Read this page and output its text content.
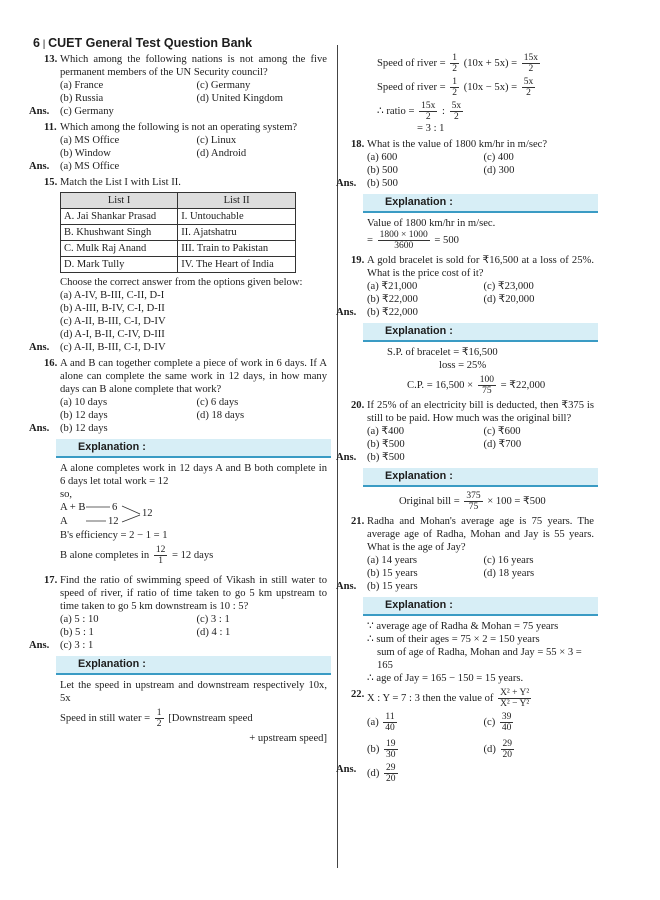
6 | CUET General Test Question Bank
13. Which among the following nations is not among the five permanent members of the UN Security council?
(a) France	(c) Germany
(b) Russia	(d) United Kingdom
Ans. (c) Germany
11. Which among the following is not an operating system?
(a) MS Office	(c) Linux
(b) Window	(d) Android
Ans. (a) MS Office
15. Match the List I with List II.
List I	List II
A. Jai Shankar Prasad	I. Untouchable
B. Khushwant Singh	II. Ajatshatru
C. Mulk Raj Anand	III. Train to Pakistan
D. Mark Tully	IV. The Heart of India
Choose the correct answer from the options given below:
(a) A-IV, B-III, C-II, D-I
(b) A-III, B-IV, C-I, D-II
(c) A-II, B-III, C-I, D-IV
(d) A-I, B-II, C-IV, D-III
Ans. (c) A-II, B-III, C-I, D-IV
16. A and B can together complete a piece of work in 6 days. If A alone can complete the same work in 12 days, in how many days can B alone complete that work?
(a) 10 days	(c) 6 days
(b) 12 days	(d) 18 days
Ans. (b) 12 days
Explanation :
A alone completes work in 12 days A and B both complete in 6 days let total work = 12
so,
A + B	6
A	12
12
B's efficiency = 2 − 1 = 1
B alone completes in $\frac{12}{1} = 12$ days
17. Find the ratio of swimming speed of Vikash in still water to speed of river, if ratio of time taken to go 5 km upstream to time taken to go 5 km downstream is 10 : 5?
(a) 5 : 10	(c) 3 : 1
(b) 5 : 1	(d) 4 : 1
Ans. (c) 3 : 1
Explanation :
Let the speed in upstream and downstream respectively 10x, 5x
Speed in still water = $\frac{1}{2}$ [Downstream speed
+ upstream speed]
Speed of river = $\frac{1}{2} (10x + 5x) = \frac{15x}{2}$
Speed of river = $\frac{1}{2} (10x - 5x) = \frac{5x}{2}$
∴ ratio = $\frac{15x}{2}$ : $\frac{5x}{2}$
= 3 : 1
18. What is the value of 1800 km/hr in m/sec?
(a) 600	(c) 400
(b) 500	(d) 300
Ans. (b) 500
Explanation :
Value of 1800 km/hr in m/sec.
= $\frac{1800 \times 1000}{3600} = 500$
19. A gold bracelet is sold for ₹16,500 at a loss of 25%. What is the price cost of it?
(a) ₹21,000	(c) ₹23,000
(b) ₹22,000	(d) ₹20,000
Ans. (b) ₹22,000
Explanation :
S.P. of bracelet = ₹16,500
loss = 25%
C.P. = $16,500 \times \frac{100}{75}$ = ₹22,000
20. If 25% of an electricity bill is deducted, then ₹375 is still to be paid. How much was the original bill?
(a) ₹400	(c) ₹600
(b) ₹500	(d) ₹700
Ans. (b) ₹500
Explanation :
Original bill = $\frac{375}{75} \times 100$ = ₹500
21. Radha and Mohan's average age is 75 years. The average age of Radha, Mohan and Jay is 55 years. What is the age of Jay?
(a) 14 years	(c) 16 years
(b) 15 years	(d) 18 years
Ans. (b) 15 years
Explanation :
∵ average age of Radha & Mohan = 75 years
∴ sum of their ages = 75 × 2 = 150 years
sum of age of Radha, Mohan and Jay = 55 × 3 = 165
∴ age of Jay = 165 − 150 = 15 years.
22. X : Y = 7 : 3 then the value of $\frac{\text{X² + Y²}}{\text{X² − Y²}}$
$(a) \frac{11}{40}$	$(c) \frac{39}{40}$
$(b) \frac{19}{30}$	$(d) \frac{29}{20}$
Ans. $(d) \frac{29}{20}$
